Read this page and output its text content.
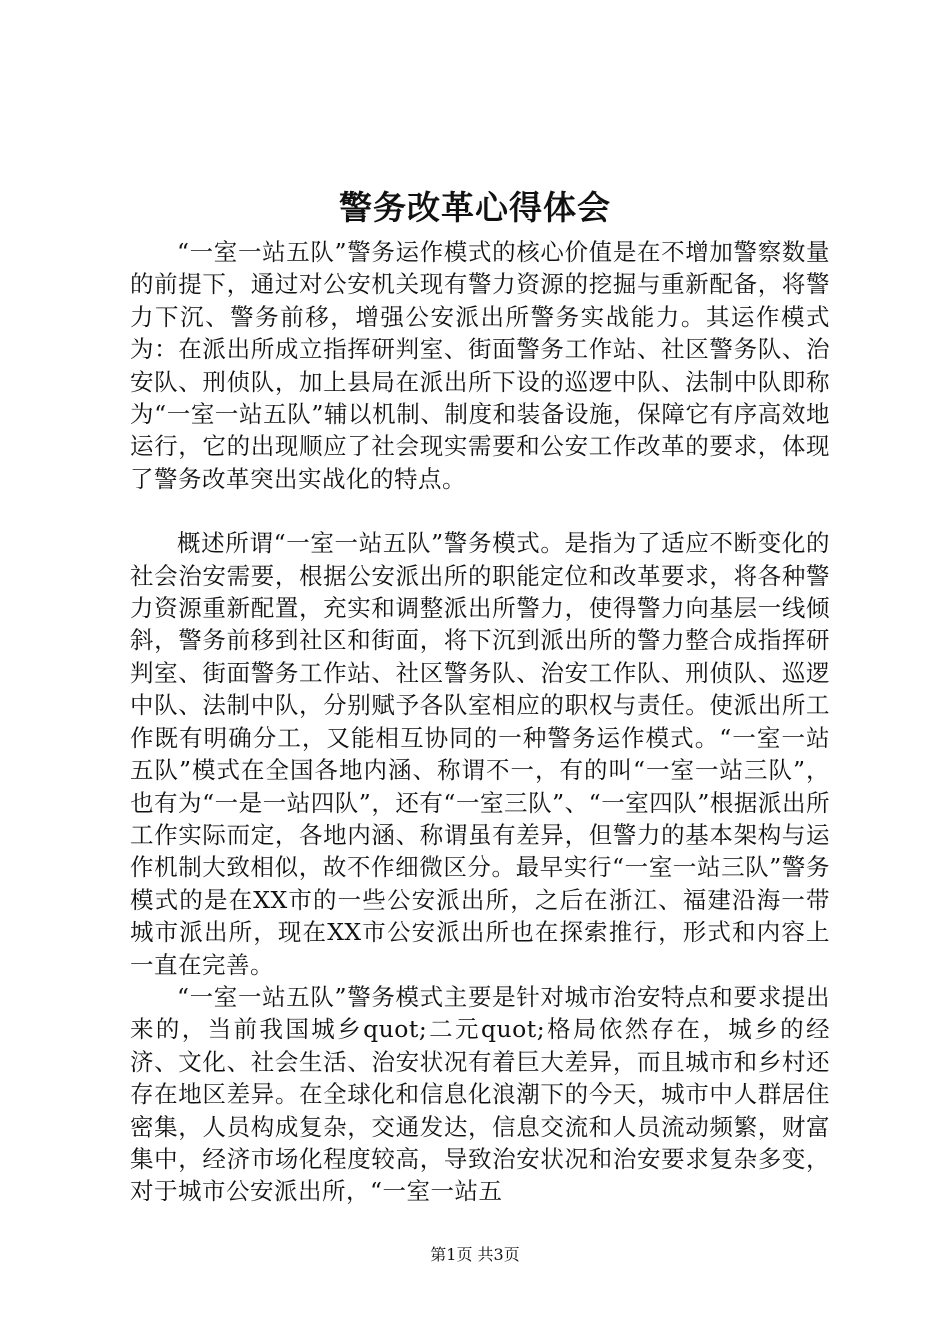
警务改革心得体会

“一室一站五队”警务运作模式的核心价值是在不增加警察数量的前提下，通过对公安机关现有警力资源的挖掘与重新配备，将警力下沉、警务前移，增强公安派出所警务实战能力。其运作模式为：在派出所成立指挥研判室、街面警务工作站、社区警务队、治安队、刑侦队，加上县局在派出所下设的巡逻中队、法制中队即称为“一室一站五队”辅以机制、制度和装备设施，保障它有序高效地运行，它的出现顺应了社会现实需要和公安工作改革的要求，体现了警务改革突出实战化的特点。

概述所谓“一室一站五队”警务模式。是指为了适应不断变化的社会治安需要，根据公安派出所的职能定位和改革要求，将各种警力资源重新配置，充实和调整派出所警力，使得警力向基层一线倾斜，警务前移到社区和街面，将下沉到派出所的警力整合成指挥研判室、街面警务工作站、社区警务队、治安工作队、刑侦队、巡逻中队、法制中队，分别赋予各队室相应的职权与责任。使派出所工作既有明确分工，又能相互协同的一种警务运作模式。“一室一站五队”模式在全国各地内涵、称谓不一，有的叫“一室一站三队”，也有为“一是一站四队”，还有“一室三队”、“一室四队”根据派出所工作实际而定，各地内涵、称谓虽有差异，但警力的基本架构与运作机制大致相似，故不作细微区分。最早实行“一室一站三队”警务模式的是在XX市的一些公安派出所，之后在浙江、福建沿海一带城市派出所，现在XX市公安派出所也在探索推行，形式和内容上一直在完善。

“一室一站五队”警务模式主要是针对城市治安特点和要求提出来的，当前我国城乡quot;二元quot;格局依然存在，城乡的经济、文化、社会生活、治安状况有着巨大差异，而且城市和乡村还存在地区差异。在全球化和信息化浪潮下的今天，城市中人群居住密集，人员构成复杂，交通发达，信息交流和人员流动频繁，财富集中，经济市场化程度较高，导致治安状况和治安要求复杂多变，对于城市公安派出所，“一室一站五

第1页 共3页
